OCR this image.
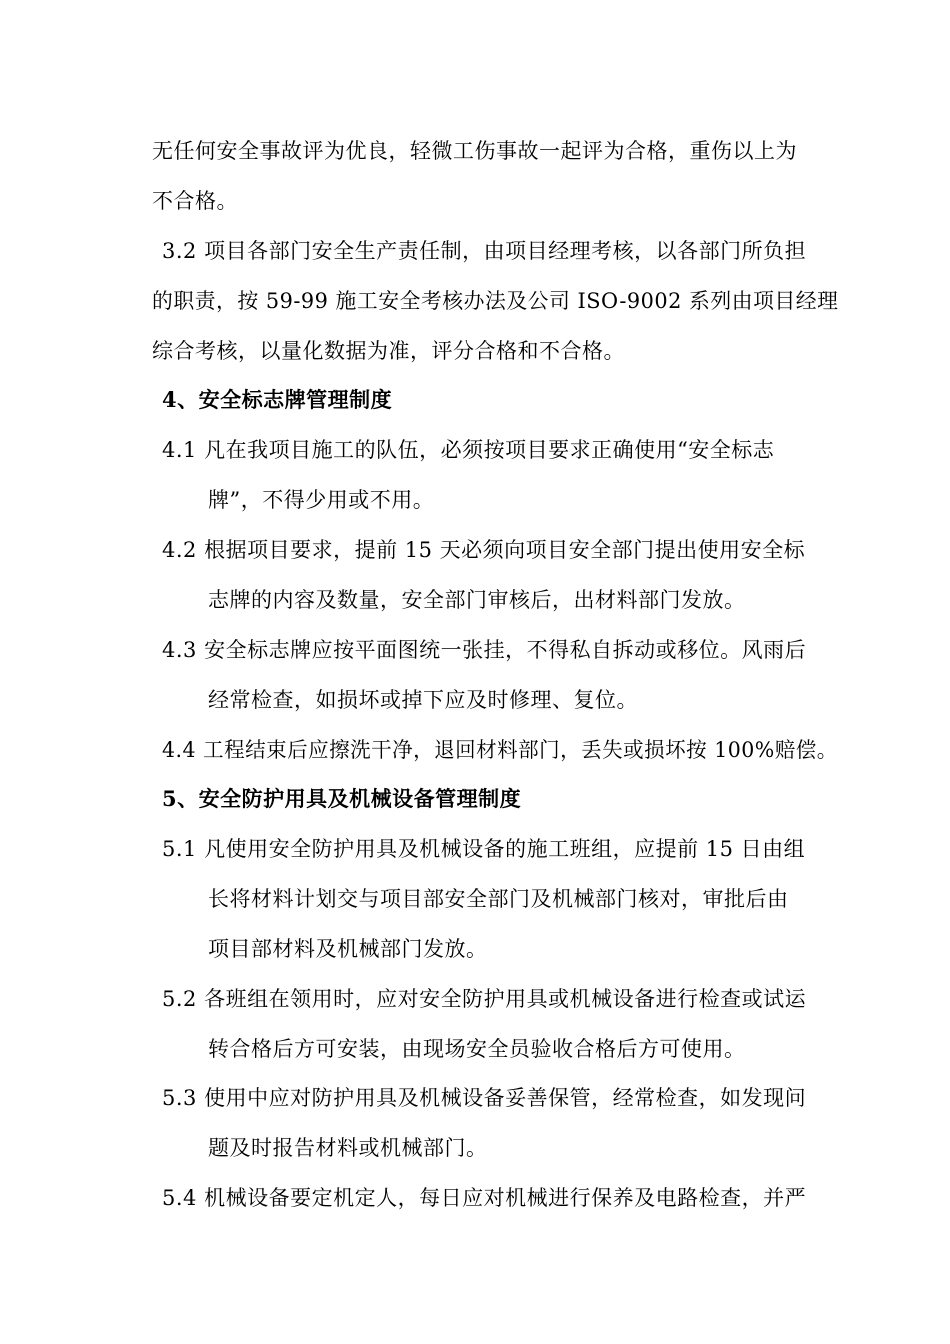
无任何安全事故评为优良，轻微工伤事故一起评为合格，重伤以上为
不合格。
3.2 项目各部门安全生产责任制，由项目经理考核，以各部门所负担
的职责，按 59-99 施工安全考核办法及公司 ISO-9002 系列由项目经理
综合考核，以量化数据为准，评分合格和不合格。
4、安全标志牌管理制度
4.1 凡在我项目施工的队伍，必须按项目要求正确使用“安全标志
牌”，不得少用或不用。
4.2 根据项目要求，提前 15 天必须向项目安全部门提出使用安全标
志牌的内容及数量，安全部门审核后，出材料部门发放。
4.3 安全标志牌应按平面图统一张挂，不得私自拆动或移位。风雨后
经常检查，如损坏或掉下应及时修理、复位。
4.4 工程结束后应擦洗干净，退回材料部门，丢失或损坏按 100%赔偿。
5、安全防护用具及机械设备管理制度
5.1 凡使用安全防护用具及机械设备的施工班组，应提前 15 日由组
长将材料计划交与项目部安全部门及机械部门核对，审批后由
项目部材料及机械部门发放。
5.2 各班组在领用时，应对安全防护用具或机械设备进行检查或试运
转合格后方可安装，由现场安全员验收合格后方可使用。
5.3 使用中应对防护用具及机械设备妥善保管，经常检查，如发现问
题及时报告材料或机械部门。
5.4 机械设备要定机定人，每日应对机械进行保养及电路检查，并严
